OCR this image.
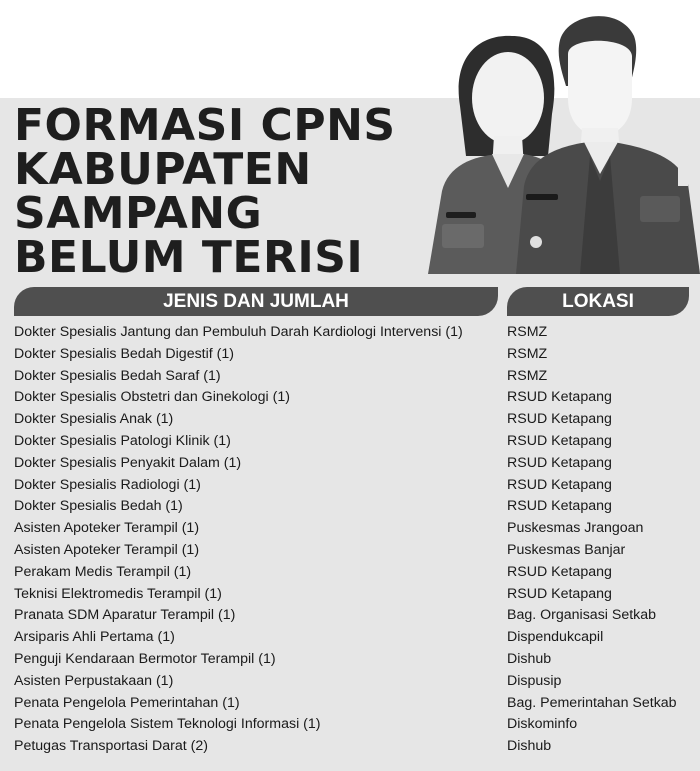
FORMASI CPNS
KABUPATEN
SAMPANG
BELUM TERISI
JENIS DAN JUMLAH	LOKASI
Dokter Spesialis Jantung dan Pembuluh Darah Kardiologi Intervensi (1)	RSMZ
Dokter Spesialis Bedah Digestif (1)	RSMZ
Dokter Spesialis Bedah Saraf (1)	RSMZ
Dokter Spesialis Obstetri dan Ginekologi (1)	RSUD Ketapang
Dokter Spesialis Anak (1)	RSUD Ketapang
Dokter Spesialis Patologi Klinik (1)	RSUD Ketapang
Dokter Spesialis Penyakit Dalam (1)	RSUD Ketapang
Dokter Spesialis Radiologi (1)	RSUD Ketapang
Dokter Spesialis Bedah (1)	RSUD Ketapang
Asisten Apoteker Terampil (1)	Puskesmas Jrangoan
Asisten Apoteker Terampil (1)	Puskesmas Banjar
Perakam Medis Terampil (1)	RSUD Ketapang
Teknisi Elektromedis Terampil (1)	RSUD Ketapang
Pranata SDM Aparatur Terampil (1)	Bag. Organisasi Setkab
Arsiparis Ahli Pertama (1)	Dispendukcapil
Penguji Kendaraan Bermotor Terampil (1)	Dishub
Asisten Perpustakaan (1)	Dispusip
Penata Pengelola Pemerintahan (1)	Bag. Pemerintahan Setkab
Penata Pengelola Sistem Teknologi Informasi (1)	Diskominfo
Petugas Transportasi Darat (2)	Dishub
